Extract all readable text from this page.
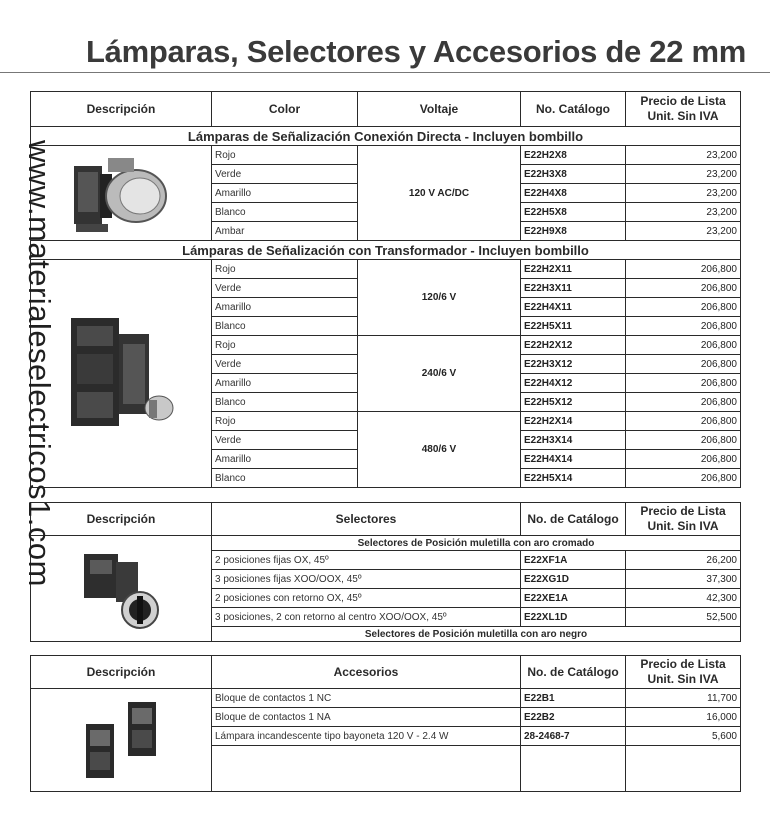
Lámparas, Selectores y Accesorios de 22 mm
Descripción	Color	Voltaje	No. Catálogo	Precio de Lista
Unit. Sin IVA

Lámparas de Señalización Conexión Directa - Incluyen bombillo				

	Rojo	120 V AC/DC	E22H2X8	23,200
	Verde		E22H3X8	23,200
	Amarillo		E22H4X8	23,200
	Blanco		E22H5X8	23,200
	Ambar		E22H9X8	23,200
Lámparas de Señalización con Transformador - Incluyen bombillo				

	Rojo	120/6 V	E22H2X11	206,800
	Verde		E22H3X11	206,800
	Amarillo		E22H4X11	206,800
	Blanco		E22H5X11	206,800
	Rojo	240/6 V	E22H2X12	206,800
	Verde		E22H3X12	206,800
	Amarillo		E22H4X12	206,800
	Blanco		E22H5X12	206,800
	Rojo	480/6 V	E22H2X14	206,800
	Verde		E22H3X14	206,800
	Amarillo		E22H4X14	206,800
	Blanco		E22H5X14	206,800
Descripción	Selectores	No. de Catálogo	Precio de Lista
Unit. Sin IVA

	Selectores de Posición muletilla con aro cromado		
	2 posiciones fijas OX, 45º	E22XF1A	26,200
	3 posiciones fijas XOO/OOX, 45º	E22XG1D	37,300
	2 posiciones con retorno OX, 45º	E22XE1A	42,300
	3 posiciones, 2 con retorno al centro XOO/OOX, 45º	E22XL1D	52,500
	Selectores de Posición muletilla con aro negro		
Descripción	Accesorios	No. de Catálogo	Precio de Lista
Unit. Sin IVA

	Bloque de contactos 1 NC	E22B1	11,700
	Bloque de contactos 1 NA	E22B2	16,000
	Lámpara incandescente tipo bayoneta 120 V - 2.4 W	28-2468-7	5,600

www.materialeselectricos1.com
